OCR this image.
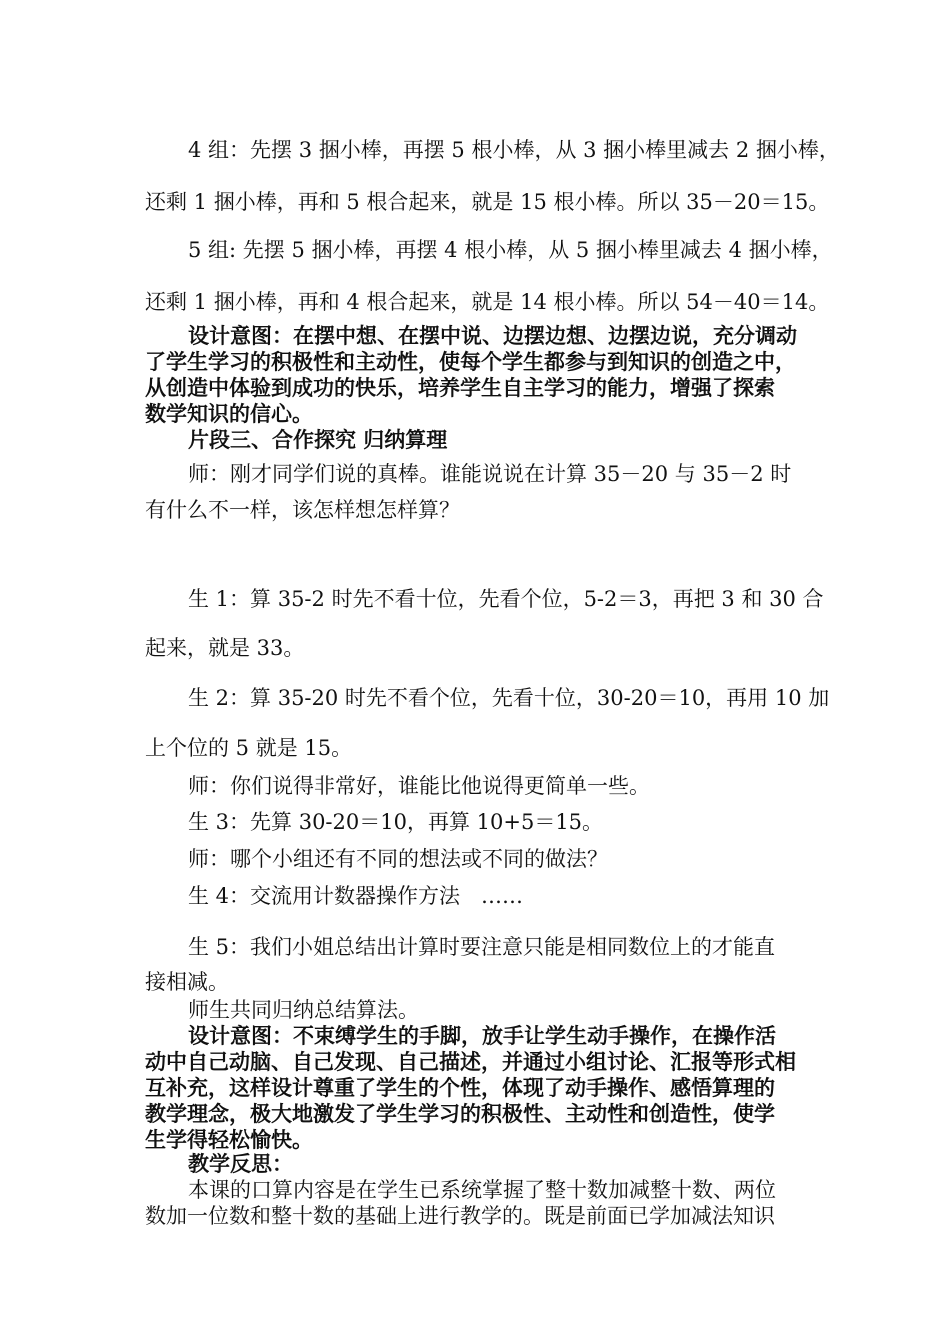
4 组：先摆 3 捆小棒，再摆 5 根小棒，从 3 捆小棒里减去 2 捆小棒，
还剩 1 捆小棒，再和 5 根合起来，就是 15 根小棒。所以 35－20＝15。
5 组: 先摆 5 捆小棒，再摆 4 根小棒，从 5 捆小棒里减去 4 捆小棒，
还剩 1 捆小棒，再和 4 根合起来，就是 14 根小棒。所以 54－40＝14。
设计意图：在摆中想、在摆中说、边摆边想、边摆边说，充分调动
了学生学习的积极性和主动性，使每个学生都参与到知识的创造之中，
从创造中体验到成功的快乐，培养学生自主学习的能力，增强了探索
数学知识的信心。
片段三、合作探究 归纳算理
师：刚才同学们说的真棒。谁能说说在计算 35－20 与 35－2 时
有什么不一样，该怎样想怎样算？
生 1：算 35-2 时先不看十位，先看个位，5-2＝3，再把 3 和 30 合
起来，就是 33。
生 2：算 35-20 时先不看个位，先看十位，30-20＝10，再用 10 加
上个位的 5 就是 15。
师：你们说得非常好，谁能比他说得更简单一些。
生 3：先算 30-20＝10，再算 10+5＝15。
师：哪个小组还有不同的想法或不同的做法？
生 4：交流用计数器操作方法　……
生 5：我们小姐总结出计算时要注意只能是相同数位上的才能直
接相减。
师生共同归纳总结算法。
设计意图：不束缚学生的手脚，放手让学生动手操作，在操作活
动中自己动脑、自己发现、自己描述，并通过小组讨论、汇报等形式相
互补充，这样设计尊重了学生的个性，体现了动手操作、感悟算理的
教学理念，极大地激发了学生学习的积极性、主动性和创造性，使学
生学得轻松愉快。
教学反思：
本课的口算内容是在学生已系统掌握了整十数加减整十数、两位
数加一位数和整十数的基础上进行教学的。既是前面已学加减法知识
